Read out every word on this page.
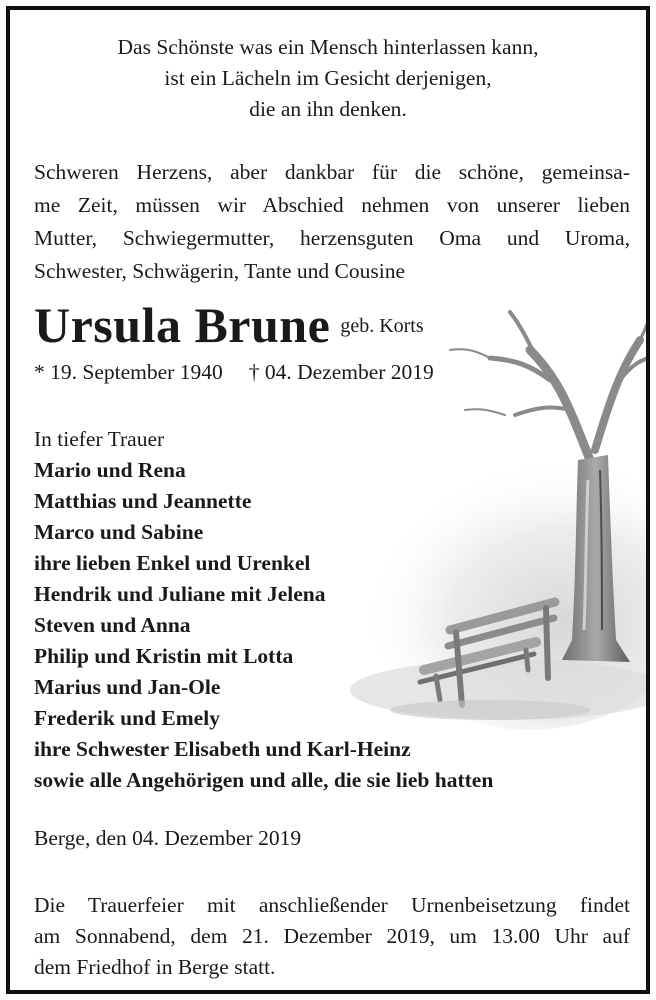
Das Schönste was ein Mensch hinterlassen kann,
ist ein Lächeln im Gesicht derjenigen,
die an ihn denken.
Schweren Herzens, aber dankbar für die schöne, gemeinsa-
me Zeit, müssen wir Abschied nehmen von unserer lieben
Mutter, Schwiegermutter, herzensguten Oma und Uroma,
Schwester, Schwägerin, Tante und Cousine
Ursula Brune geb. Korts
* 19. September 1940 † 04. Dezember 2019
In tiefer Trauer
Mario und Rena
Matthias und Jeannette
Marco und Sabine
ihre lieben Enkel und Urenkel
Hendrik und Juliane mit Jelena
Steven und Anna
Philip und Kristin mit Lotta
Marius und Jan-Ole
Frederik und Emely
ihre Schwester Elisabeth und Karl-Heinz
sowie alle Angehörigen und alle, die sie lieb hatten
Berge, den 04. Dezember 2019
Die Trauerfeier mit anschließender Urnenbeisetzung findet
am Sonnabend, dem 21. Dezember 2019, um 13.00 Uhr auf
dem Friedhof in Berge statt.
